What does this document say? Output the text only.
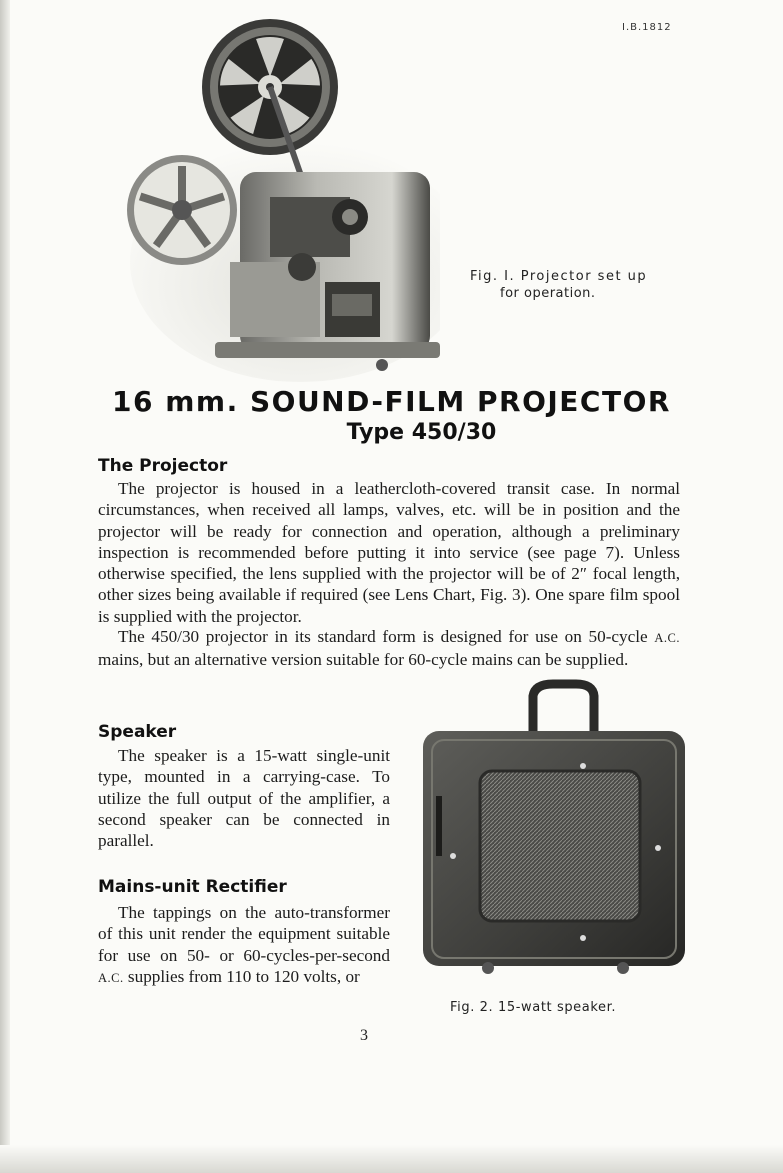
I.B.1812
Fig. I. Projector set up
for operation.
16 mm. SOUND-FILM PROJECTOR
Type 450/30
The Projector
The projector is housed in a leathercloth-covered transit case. In normal circumstances, when received all lamps, valves, etc. will be in position and the projector will be ready for connection and operation, although a preliminary inspection is recommended before putting it into service (see page 7). Unless otherwise specified, the lens supplied with the projector will be of 2″ focal length, other sizes being available if required (see Lens Chart, Fig. 3). One spare film spool is supplied with the projector.
The 450/30 projector in its standard form is designed for use on 50-cycle A.C. mains, but an alternative version suitable for 60-cycle mains can be supplied.
Speaker
The speaker is a 15-watt single-unit type, mounted in a carrying-case. To utilize the full output of the amplifier, a second speaker can be connected in parallel.
Mains-unit Rectifier
The tappings on the auto-transformer of this unit render the equipment suitable for use on 50- or 60-cycles-per-second A.C. supplies from 110 to 120 volts, or
Fig. 2. 15-watt speaker.
3
